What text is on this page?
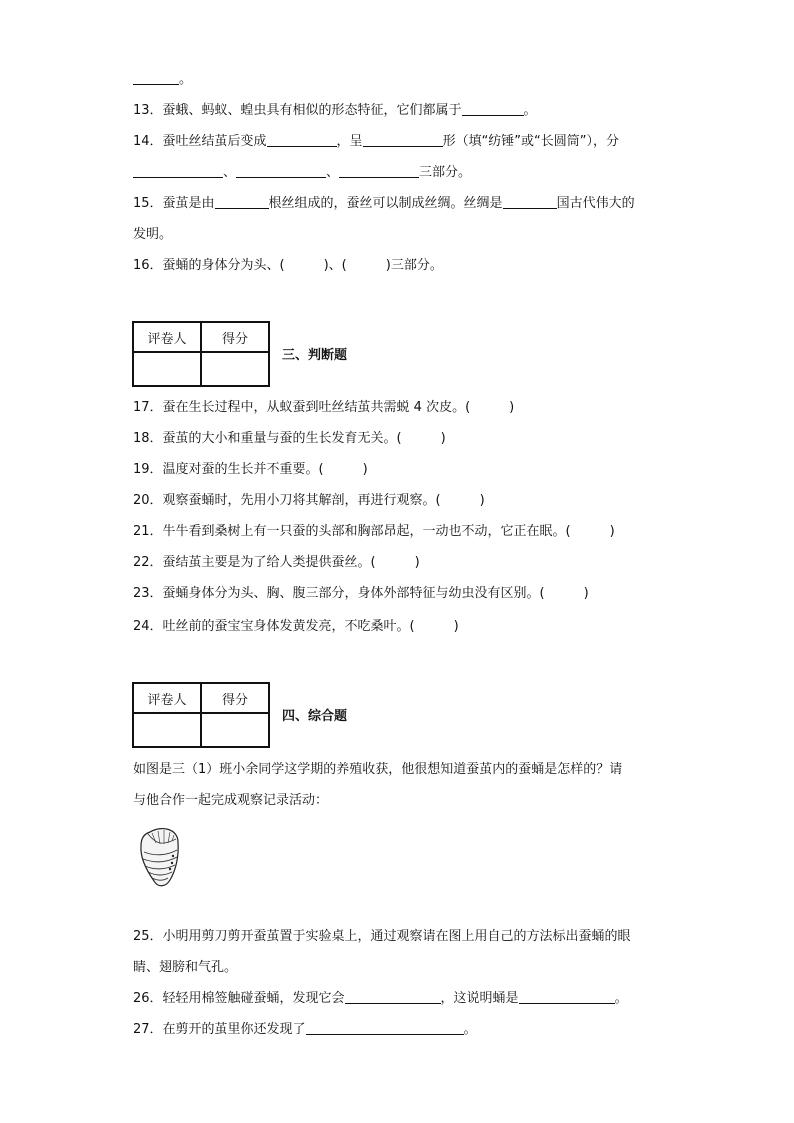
。
13．蚕蛾、蚂蚁、蝗虫具有相似的形态特征，它们都属于	。
14．蚕吐丝结茧后变成	，呈	形（填“纺锤”或“长圆筒”），分
、	、	三部分。
15．蚕茧是由	根丝组成的，蚕丝可以制成丝绸。丝绸是	国古代伟大的
发明。
16．蚕蛹的身体分为头、(　　　)、(　　　)三部分。
评卷人	得分

三、判断题
17．蚕在生长过程中，从蚁蚕到吐丝结茧共需蜕 4 次皮。(　　　)
18．蚕茧的大小和重量与蚕的生长发育无关。(　　　)
19．温度对蚕的生长并不重要。(　　　)
20．观察蚕蛹时，先用小刀将其解剖，再进行观察。(　　　)
21．牛牛看到桑树上有一只蚕的头部和胸部昂起，一动也不动，它正在眠。(　　　)
22．蚕结茧主要是为了给人类提供蚕丝。(　　　)
23．蚕蛹身体分为头、胸、腹三部分，身体外部特征与幼虫没有区别。(　　　)
24．吐丝前的蚕宝宝身体发黄发亮，不吃桑叶。(　　　)
评卷人	得分

四、综合题
如图是三（1）班小余同学这学期的养殖收获，他很想知道蚕茧内的蚕蛹是怎样的？请
与他合作一起完成观察记录活动：
25．小明用剪刀剪开蚕茧置于实验桌上，通过观察请在图上用自己的方法标出蚕蛹的眼
睛、翅膀和气孔。
26．轻轻用棉签触碰蚕蛹，发现它会	，这说明蛹是	。
27．在剪开的茧里你还发现了	。
